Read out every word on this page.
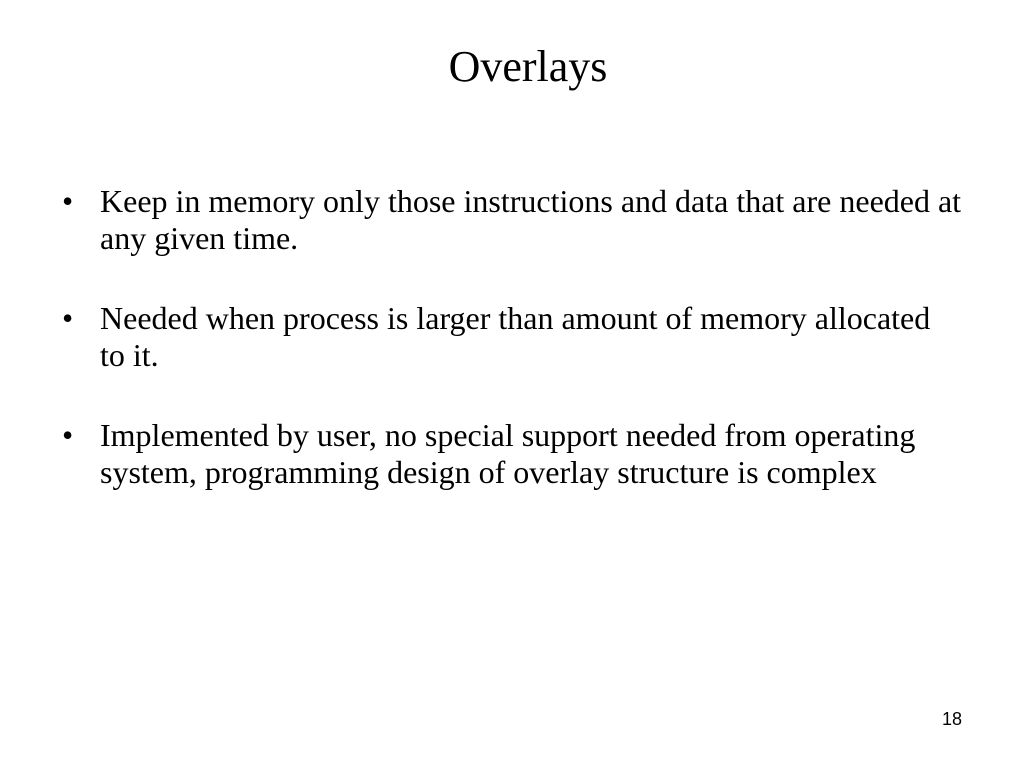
Overlays
• Keep in memory only those instructions and data that are needed at any given time.
• Needed when process is larger than amount of memory allocated to it.
• Implemented by user, no special support needed from operating system, programming design of overlay structure is complex
18
